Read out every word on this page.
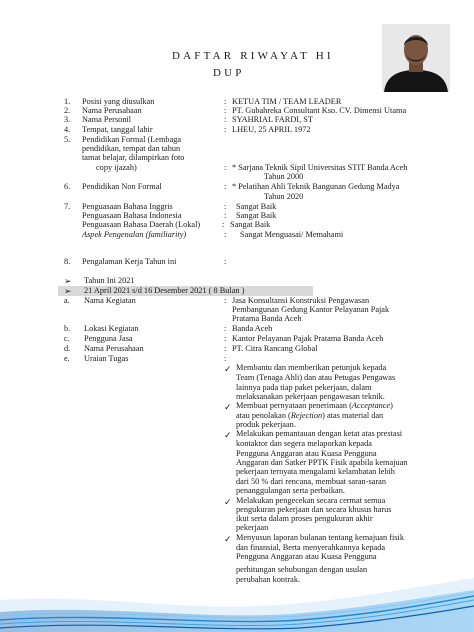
DAFTAR RIWAYAT HI
DUP
1. Posisi yang diusulkan	: KETUA TIM / TEAM LEADER
2. Nama Perusahaan	: PT. Gubahreka Consultant Kso. CV. Dimensi Utama
3. Nama Personil	: SYAHRIAL FARDI, ST
4. Tempat, tanggal lahir	: LHEU, 25 APRIL 1972
5. Pendidikan Formal (Lembaga
pendidikan, tempat dan tahun
tamat belajar, dilampirkan foto
copy ijazah)	: * Sarjana Teknik Sipil Universitas STIT Banda Aceh
Tahun 2000
6. Pendidikan Non Formal	: * Pelatihan Ahli Teknik Bangunan Gedung Madya
Tahun 2020
7. Penguasaan Bahasa Inggris	: Sangat Baik
Penguasaan Bahasa Indonesia	: Sangat Baik
Penguasaan Bahasa Daerah (Lokal)	: Sangat Baik
Aspek Pengenalan (familiarity)	: Sangat Menguasai/ Memahami
8. Pengalaman Kerja Tahun ini	:
➢ Tahun Ini 2021
➢ 21 April 2021 s/d 16 Desember 2021 ( 8 Bulan )
a. Nama Kegiatan	: Jasa Konsultansi Konstruksi Pengawasan
Pembangunan Gedung Kantor Pelayanan Pajak
Pratama Banda Aceh
b. Lokasi Kegiatan	: Banda Aceh
c. Pengguna Jasa	: Kantor Pelayanan Pajak Pratama Banda Aceh
d. Nama Perusahaan	: PT. Citra Rancang Global
e. Uraian Tugas	:
✓ Membantu dan memberikan petunjuk kepada
Team (Tenaga Ahli) dan atau Petugas Pengawas
lainnya pada tiap paket pekerjaan, dalam
melaksanakan pekerjaan pengawasan teknik.
✓ Membuat pernyataan penerimaan (Acceptance)
atau penolakan (Rejection) atas material dan
produk pekerjaan.
✓ Melakukan pemantauan dengan ketat atas prestasi
kontaktor dan segera melaporkan kepada
Pengguna Anggaran atau Kuasa Pengguna
Anggaran dan Satker PPTK Fisik apabila kemajuan
pekerjaan ternyata mengalami kelambatan lebih
dari 50 % dari rencana, membuat saran-saran
penanggulangan serta perbaikan.
✓ Melakukan pengecekan secara cermat semua
pengukuran pekerjaan dan secara khusus harus
ikut serta dalam proses pengukuran akhir
pekerjaan
✓ Menyusun laporan bulanan tentang kemajuan fisik
dan finansial, Berta menyerahkannya kepada
Pengguna Anggaran atau Kuasa Pengguna
perhitungan sehubungan dengan usulan
perubahan kontrak.
